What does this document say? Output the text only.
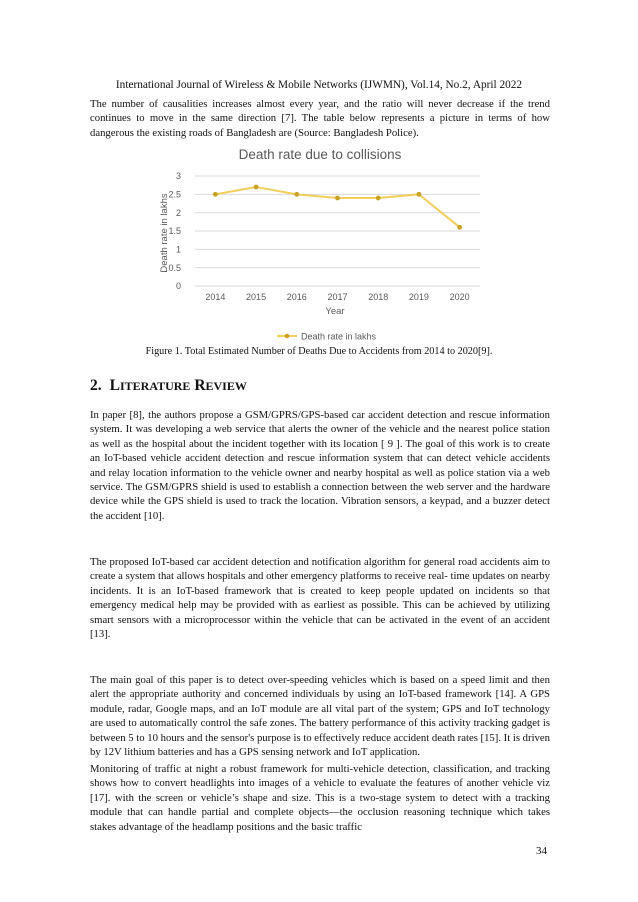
International Journal of Wireless & Mobile Networks (IJWMN), Vol.14, No.2, April 2022
The number of causalities increases almost every year, and the ratio will never decrease if the trend continues to move in the same direction [7]. The table below represents a picture in terms of how dangerous the existing roads of Bangladesh are (Source: Bangladesh Police).
Death rate due to collisions
0
0.5
1
1.5
2
2.5
3
2014 2015 2016 2017 2018 2019 2020
Death rate in lakhs
Year
Death rate in lakhs
Figure 1. Total Estimated Number of Deaths Due to Accidents from 2014 to 2020[9].
2. LITERATURE REVIEW
In paper [8], the authors propose a GSM/GPRS/GPS-based car accident detection and rescue information system. It was developing a web service that alerts the owner of the vehicle and the nearest police station as well as the hospital about the incident together with its location [ 9 ]. The goal of this work is to create an IoT-based vehicle accident detection and rescue information system that can detect vehicle accidents and relay location information to the vehicle owner and nearby hospital as well as police station via a web service. The GSM/GPRS shield is used to establish a connection between the web server and the hardware device while the GPS shield is used to track the location. Vibration sensors, a keypad, and a buzzer detect the accident [10].
The proposed IoT-based car accident detection and notification algorithm for general road accidents aim to create a system that allows hospitals and other emergency platforms to receive real- time updates on nearby incidents. It is an IoT-based framework that is created to keep people updated on incidents so that emergency medical help may be provided with as earliest as possible. This can be achieved by utilizing smart sensors with a microprocessor within the vehicle that can be activated in the event of an accident [13].
The main goal of this paper is to detect over-speeding vehicles which is based on a speed limit and then alert the appropriate authority and concerned individuals by using an IoT-based framework [14]. A GPS module, radar, Google maps, and an IoT module are all vital part of the system; GPS and IoT technology are used to automatically control the safe zones. The battery performance of this activity tracking gadget is between 5 to 10 hours and the sensor's purpose is to effectively reduce accident death rates [15]. It is driven by 12V lithium batteries and has a GPS sensing network and IoT application.
Monitoring of traffic at night a robust framework for multi-vehicle detection, classification, and tracking shows how to convert headlights into images of a vehicle to evaluate the features of another vehicle viz [17]. with the screen or vehicle’s shape and size. This is a two-stage system to detect with a tracking module that can handle partial and complete objects—the occlusion reasoning technique which takes stakes advantage of the headlamp positions and the basic traffic
34
